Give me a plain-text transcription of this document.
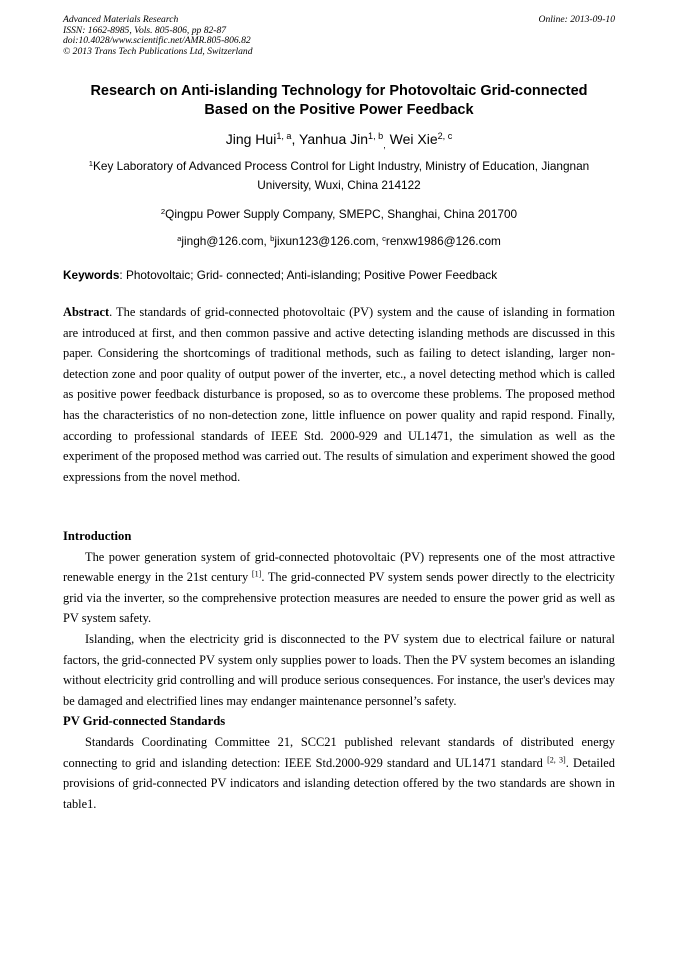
Advanced Materials Research
ISSN: 1662-8985, Vols. 805-806, pp 82-87
doi:10.4028/www.scientific.net/AMR.805-806.82
© 2013 Trans Tech Publications Ltd, Switzerland
Online: 2013-09-10
Research on Anti-islanding Technology for Photovoltaic Grid-connected
Based on the Positive Power Feedback
Jing Hui$^{1, a}$, Yanhua Jin$^{1, b}_,$ Wei Xie$^{2, c}$
$^1$Key Laboratory of Advanced Process Control for Light Industry, Ministry of Education, Jiangnan
University, Wuxi, China 214122
$^2$Qingpu Power Supply Company, SMEPC, Shanghai, China 201700
$^a$jingh@126.com, $^b$jixun123@126.com, $^c$renxw1986@126.com
Keywords: Photovoltaic; Grid- connected; Anti-islanding; Positive Power Feedback

Abstract. The standards of grid-connected photovoltaic (PV) system and the cause of islanding in formation are introduced at first, and then common passive and active detecting islanding methods are discussed in this paper. Considering the shortcomings of traditional methods, such as failing to detect islanding, larger non-detection zone and poor quality of output power of the inverter, etc., a novel detecting method which is called as positive power feedback disturbance is proposed, so as to overcome these problems. The proposed method has the characteristics of no non-detection zone, little influence on power quality and rapid respond. Finally, according to professional standards of IEEE Std. 2000-929 and UL1471, the simulation as well as the experiment of the proposed method was carried out. The results of simulation and experiment showed the good expressions from the novel method.

Introduction

The power generation system of grid-connected photovoltaic (PV) represents one of the most attractive renewable energy in the 21st century [1]. The grid-connected PV system sends power directly to the electricity grid via the inverter, so the comprehensive protection measures are needed to ensure the power grid as well as PV system safety.

Islanding, when the electricity grid is disconnected to the PV system due to electrical failure or natural factors, the grid-connected PV system only supplies power to loads. Then the PV system becomes an islanding without electricity grid controlling and will produce serious consequences. For instance, the user's devices may be damaged and electrified lines may endanger maintenance personnel’s safety.

PV Grid-connected Standards

Standards Coordinating Committee 21, SCC21 published relevant standards of distributed energy connecting to grid and islanding detection: IEEE Std.2000-929 standard and UL1471 standard [2, 3]. Detailed provisions of grid-connected PV indicators and islanding detection offered by the two standards are shown in table1.
